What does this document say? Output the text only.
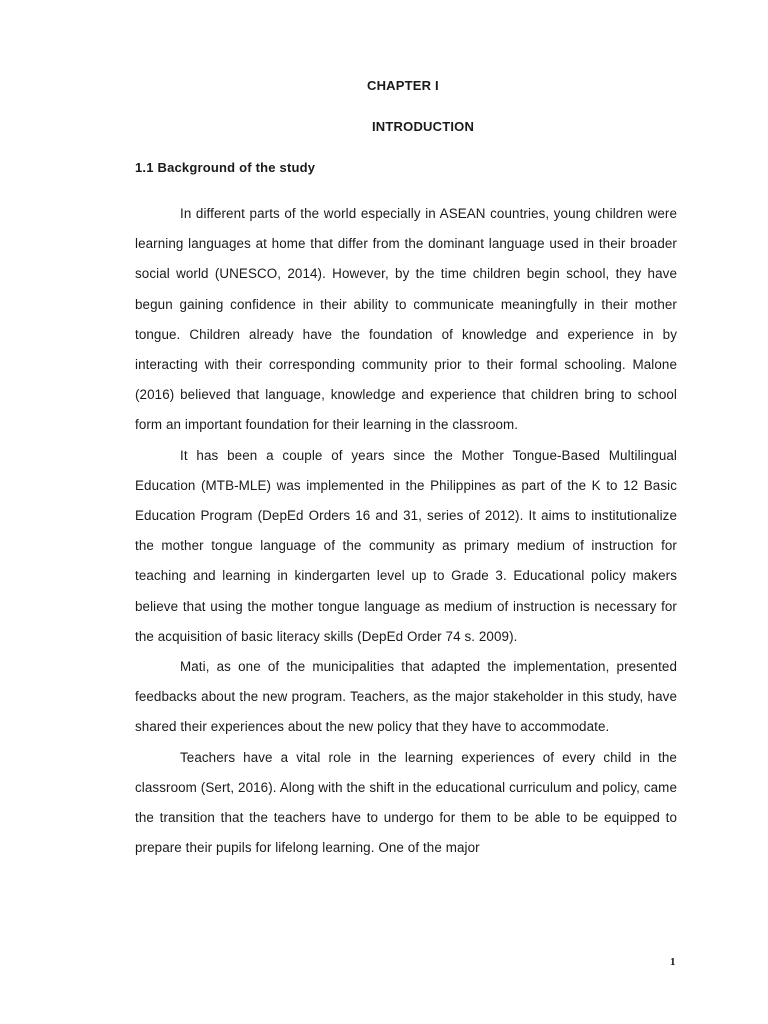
CHAPTER I
INTRODUCTION
1.1 Background of the study

In different parts of the world especially in ASEAN countries, young children were learning languages at home that differ from the dominant language used in their broader social world (UNESCO, 2014). However, by the time children begin school, they have begun gaining confidence in their ability to communicate meaningfully in their mother tongue. Children already have the foundation of knowledge and experience in by interacting with their corresponding community prior to their formal schooling. Malone (2016) believed that language, knowledge and experience that children bring to school form an important foundation for their learning in the classroom.

It has been a couple of years since the Mother Tongue-Based Multilingual Education (MTB-MLE) was implemented in the Philippines as part of the K to 12 Basic Education Program (DepEd Orders 16 and 31, series of 2012). It aims to institutionalize the mother tongue language of the community as primary medium of instruction for teaching and learning in kindergarten level up to Grade 3. Educational policy makers believe that using the mother tongue language as medium of instruction is necessary for the acquisition of basic literacy skills (DepEd Order 74 s. 2009).

Mati, as one of the municipalities that adapted the implementation, presented feedbacks about the new program. Teachers, as the major stakeholder in this study, have shared their experiences about the new policy that they have to accommodate.

Teachers have a vital role in the learning experiences of every child in the classroom (Sert, 2016). Along with the shift in the educational curriculum and policy, came the transition that the teachers have to undergo for them to be able to be equipped to prepare their pupils for lifelong learning. One of the major

1
